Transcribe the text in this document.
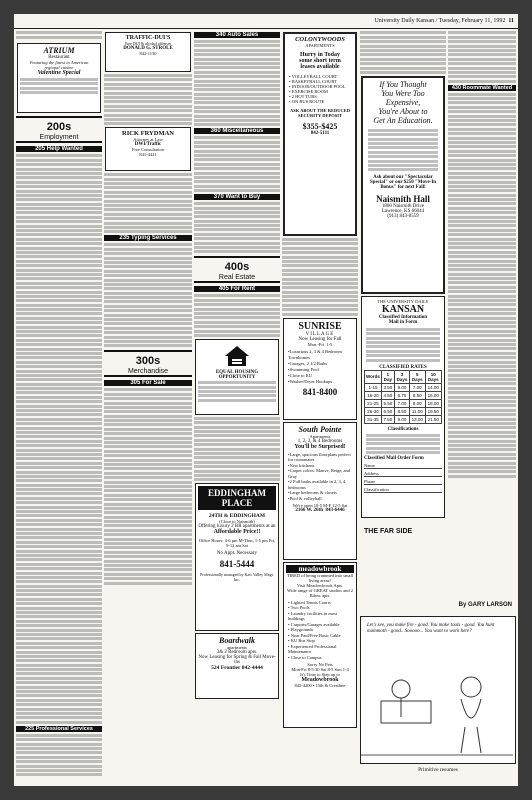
University Daily Kansan / Tuesday, February 11, 1992 11
ATRIUM
Restaurant
Featuring the finest in American
regional cuisine
Valentine Special
200s
Employment
205 Help Wanted
225 Professional Services
TRAFFIC-DUI'S
Free DUI & alcohol offenses
DONALD G. STROLE
842-1130
RICK FRYDMAN
Attorney at Law
DWI/Traffic
Free Consultation
841-4421
235 Typing Services
300s
Merchandise
305 For Sale
340 Auto Sales
360 Miscellaneous
370 Want to Buy
400s
Real Estate
405 For Rent
EQUAL HOUSING OPPORTUNITY
EDDINGHAM PLACE
24TH & EDDINGHAM
(Close to Naismith)
Offering luxury 2 BR apartments at an
Affordable Price!!
Office Hours: 4-6 pm M-Thur, 1-5 pm Fri, 9-12 am Sat
No Appt. Necessary
841-5444
Professionally managed by Kaw Valley Mngt. Inc.
Boardwalk
apartments
3& 2 Bedroom apts.
Now Leasing for Spring & Fall Move-ins
524 Frontier 842-4444
COLONYWOODS
APARTMENTS
Hurry in Today
some short term
leases available
• VOLLEYBALL COURT
• BASKETBALL COURT
• INDOOR/OUTDOOR POOL
• EXERCISE ROOM
• 2 HOT TUBS
• ON BUS ROUTE
ASK ABOUT THE REDUCED SECURITY DEPOSIT
$355-$425
842-5111
SUNRISE
VILLAGE
Now Leasing for Fall
Mon.-Fri. 1-5
•Luxurious 2, 3 & 4 Bedroom Townhomes
•Garages, 2 1/2 Baths
•Swimming Pool
•Close to KU
•Washer/Dryer Hookups
841-8400
South Pointe
Apartments
1, 2, 3, & 4 Bedrooms
You'll be Surprised!
•Large, spacious floorplans perfect for roommates
•New kitchens
•Carpet colors: Mauve, Beige, and Gray
•2 Full baths available in 2, 3, 4 bedrooms
•Large bedrooms & closets
•Pool & volleyball
We're open 10-5 M-F 12-5 Sat
2166 W. 26th 843-6446
meadowbrook
TIRED of being crammed into small living areas?
Visit Meadowbrook Apts.
Wide range of GREAT studios and 2 Bdrm. apts.
• Lighted Tennis Courts
• Two Pools
• Laundry facilities in most buildings
• Carports/Garages available
• Playgrounds
• Near Paid/Free Basic Cable
• KU Bus Stop
• Experienced Professional Maintenance
• Close to Campus
Sorry No Pets
Mon-Fri 8-5:30 Sat 8-5 Sun 1-4
It's Time to Step up to
Meadowbrook
842-4200 • 15th & Crestline
If You Thought
You Were Too
Expensive,
You're About to
Get An Education.
Ask about our "Spectacular Special" or our $250 "Move-In Bonus" for next Fall!
Naismith Hall
1800 Naismith Drive
Lawrence, KS 66044
(913) 843-8559
THE UNIVERSITY DAILY
KANSAN
Classified Information
Mail in Form
CLASSIFIED RATES
Words	1 Day	3 Days	5 Days	10 Days
1-15	3.50	9.00	7.00	14.00
16-20	4.50	6.75	8.50	16.00
21-25	5.50	7.00	9.00	18.00
26-30	6.50	8.50	11.00	19.50
31-35	7.50	9.00	13.00	21.50
Classifications
Classified Mail Order Form
Name
Address
Phone
Classification
THE FAR SIDE
430 Roommate Wanted
By GARY LARSON
Let's see, you make fire - good. You make tools - good. You hunt mammoth - good.. Sooooo... You want to work here?
Primitive resumes
